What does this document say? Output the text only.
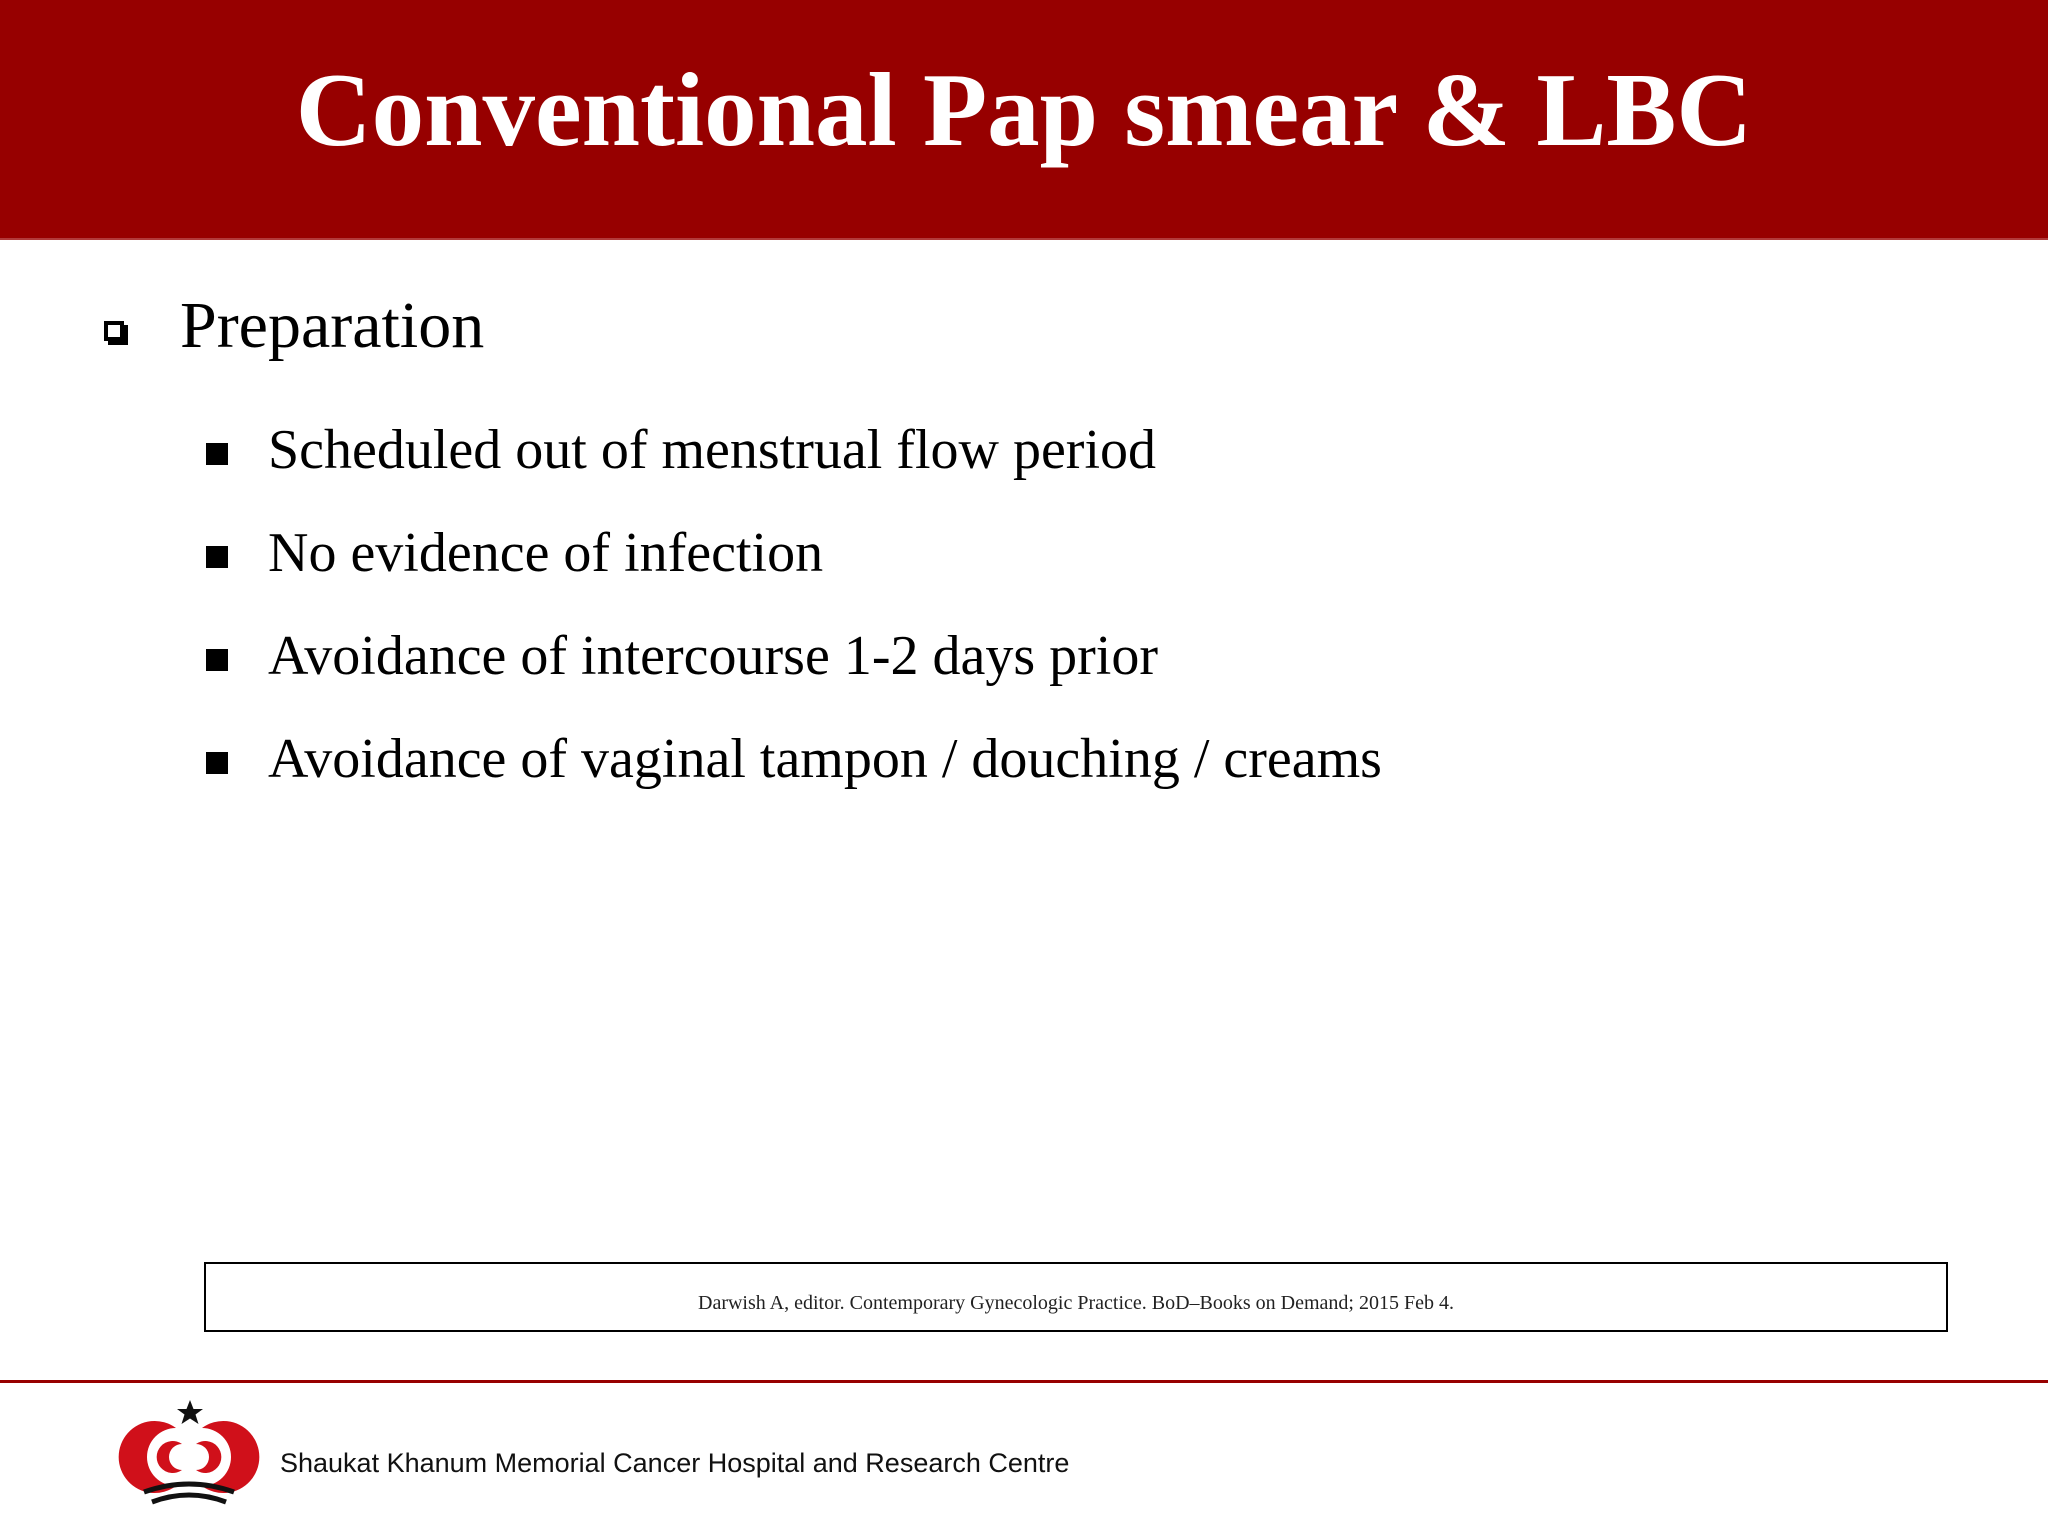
Conventional Pap smear & LBC
Preparation
Scheduled out of menstrual flow period
No evidence of infection
Avoidance of intercourse 1-2 days prior
Avoidance of vaginal tampon / douching / creams
Darwish A, editor. Contemporary Gynecologic Practice. BoD–Books on Demand; 2015 Feb 4.
Shaukat Khanum Memorial Cancer Hospital and Research Centre
